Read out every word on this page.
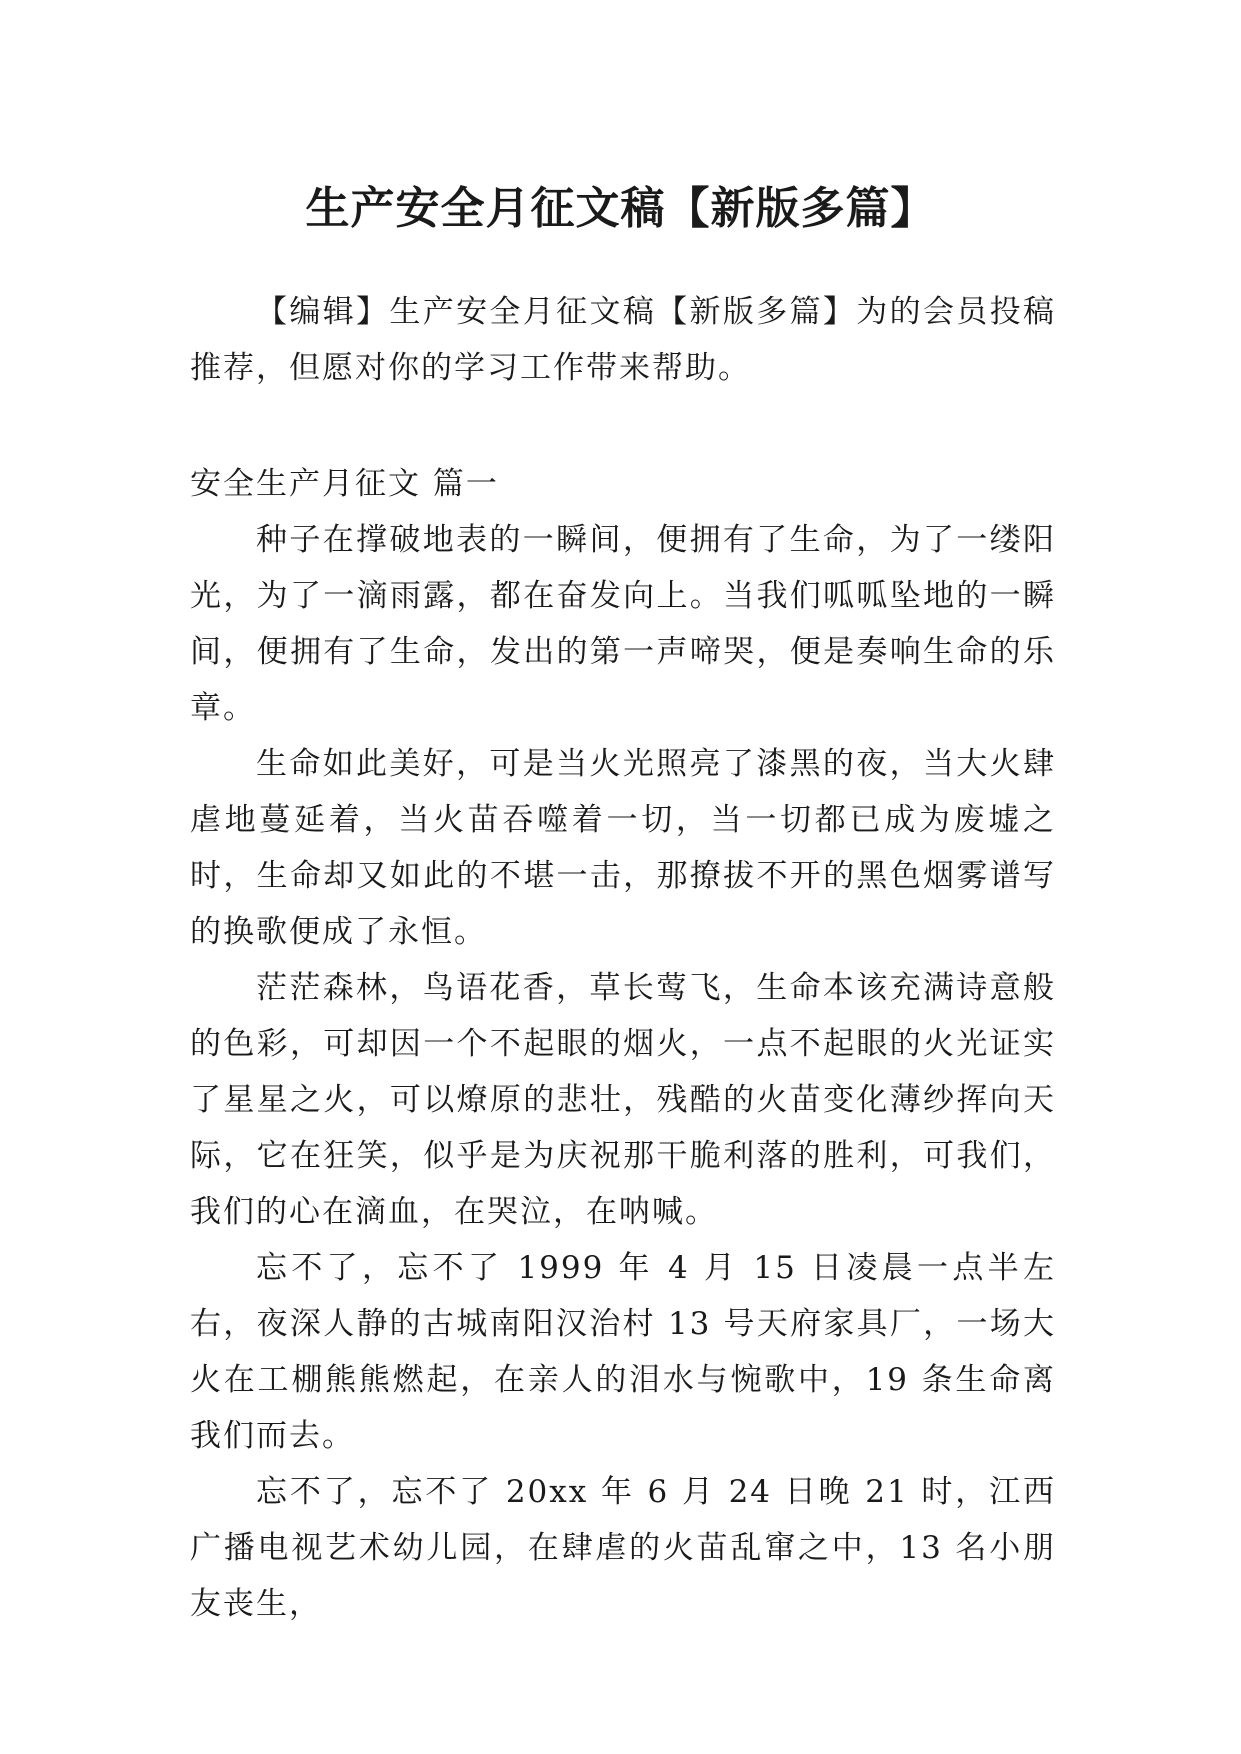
生产安全月征文稿【新版多篇】

【编辑】生产安全月征文稿【新版多篇】为的会员投稿推荐，但愿对你的学习工作带来帮助。

安全生产月征文 篇一

种子在撑破地表的一瞬间，便拥有了生命，为了一缕阳光，为了一滴雨露，都在奋发向上。当我们呱呱坠地的一瞬间，便拥有了生命，发出的第一声啼哭，便是奏响生命的乐章。

生命如此美好，可是当火光照亮了漆黑的夜，当大火肆虐地蔓延着，当火苗吞噬着一切，当一切都已成为废墟之时，生命却又如此的不堪一击，那撩拔不开的黑色烟雾谱写的换歌便成了永恒。

茫茫森林，鸟语花香，草长莺飞，生命本该充满诗意般的色彩，可却因一个不起眼的烟火，一点不起眼的火光证实了星星之火，可以燎原的悲壮，残酷的火苗变化薄纱挥向天际，它在狂笑，似乎是为庆祝那干脆利落的胜利，可我们，我们的心在滴血，在哭泣，在呐喊。

忘不了，忘不了 1999 年 4 月 15 日凌晨一点半左右，夜深人静的古城南阳汉治村 13 号天府家具厂，一场大火在工棚熊熊燃起，在亲人的泪水与惋歌中，19 条生命离我们而去。

忘不了，忘不了 20xx 年 6 月 24 日晚 21 时，江西广播电视艺术幼儿园，在肆虐的火苗乱窜之中，13 名小朋友丧生，
